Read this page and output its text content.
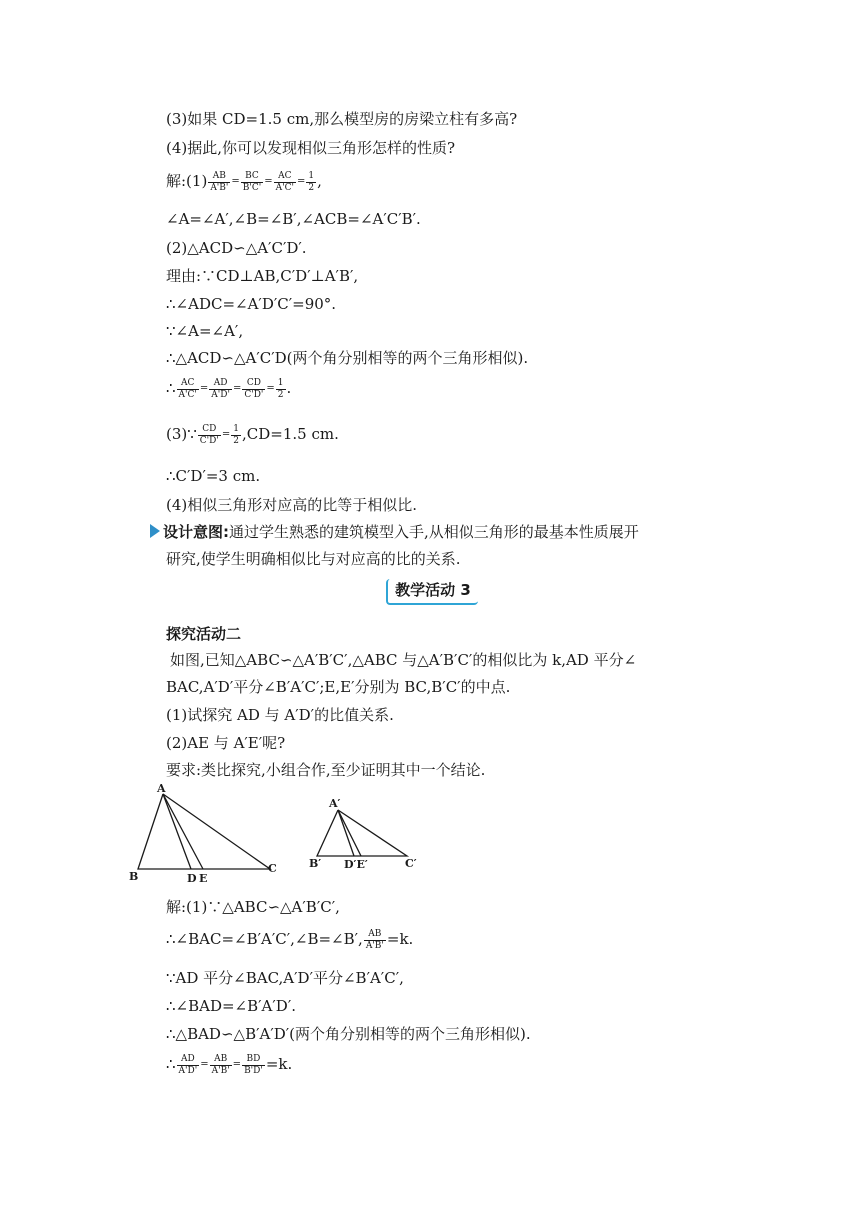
(3)如果 CD=1.5 cm,那么模型房的房梁立柱有多高?
(4)据此,你可以发现相似三角形怎样的性质?
解:(1) $\frac{AB}{A'B'} = \frac{BC}{B'C'} = \frac{AC}{A'C'} = \frac{1}{2}$ ,
∠A=∠A′,∠B=∠B′,∠ACB=∠A′C′B′.
(2)△ACD∽△A′C′D′.
理由:∵CD⊥AB,C′D′⊥A′B′,
∴∠ADC=∠A′D′C′=90°.
∵∠A=∠A′,
∴△ACD∽△A′C′D(两个角分别相等的两个三角形相似).
∴ $\frac{AC}{A'C'} = \frac{AD}{A'D'} = \frac{CD}{C'D'} = \frac{1}{2}$ .
(3)∵ $\frac{CD}{C'D'} = \frac{1}{2} ,CD=1.5$ cm.
∴C′D′=3 cm.
(4)相似三角形对应高的比等于相似比.
设计意图:通过学生熟悉的建筑模型入手,从相似三角形的最基本性质展开
研究,使学生明确相似比与对应高的比的关系.
教学活动 3
探究活动二
如图,已知△ABC∽△A′B′C′,△ABC 与△A′B′C′的相似比为 k,AD 平分∠
BAC,A′D′平分∠B′A′C′;E,E′分别为 BC,B′C′的中点.
(1)试探究 AD 与 A′D′的比值关系.
(2)AE 与 A′E′呢?
要求:类比探究,小组合作,至少证明其中一个结论.
A
B
C
D E
A′
B′	C′
D′E′
解:(1)∵△ABC∽△A′B′C′,
∴∠BAC=∠B′A′C′,∠B=∠B′, $\frac{AB}{A'B'} =k$.
∵AD 平分∠BAC,A′D′平分∠B′A′C′,
∴∠BAD=∠B′A′D′.
∴△BAD∽△B′A′D′(两个角分别相等的两个三角形相似).
∴ $\frac{AD}{A'D'} = \frac{AB}{A'B'} = \frac{BD}{B'D'} =k$.
